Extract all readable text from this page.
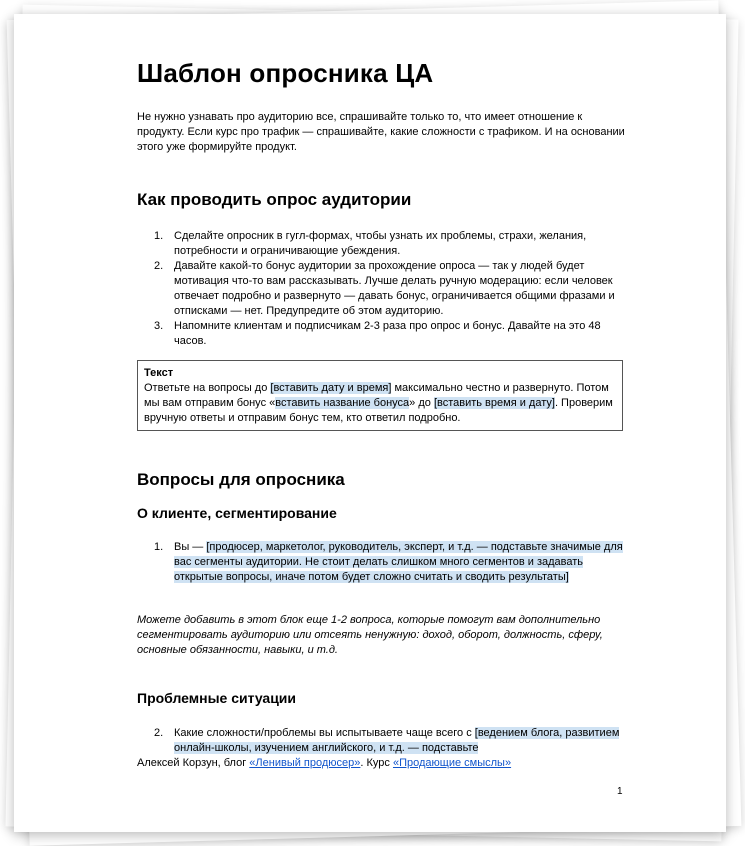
Шаблон опросника ЦА

Не нужно узнавать про аудиторию все, спрашивайте только то, что имеет отношение к продукту. Если курс про трафик — спрашивайте, какие сложности с трафиком. И на основании этого уже формируйте продукт.

Как проводить опрос аудитории
1. Сделайте опросник в гугл-формах, чтобы узнать их проблемы, страхи, желания, потребности и ограничивающие убеждения.
2. Давайте какой-то бонус аудитории за прохождение опроса — так у людей будет мотивация что-то вам рассказывать. Лучше делать ручную модерацию: если человек отвечает подробно и развернуто — давать бонус, ограничивается общими фразами и отписками — нет. Предупредите об этом аудиторию.
3. Напомните клиентам и подписчикам 2-3 раза про опрос и бонус. Давайте на это 48 часов.
Текст
Ответьте на вопросы до [вставить дату и время] максимально честно и развернуто. Потом мы вам отправим бонус «вставить название бонуса» до [вставить время и дату]. Проверим вручную ответы и отправим бонус тем, кто ответил подробно.
Вопросы для опросника
О клиенте, сегментирование
1. Вы — [продюсер, маркетолог, руководитель, эксперт, и т.д. — подставьте значимые для вас сегменты аудитории. Не стоит делать слишком много сегментов и задавать открытые вопросы, иначе потом будет сложно считать и сводить результаты]

Можете добавить в этот блок еще 1-2 вопроса, которые помогут вам дополнительно сегментировать аудиторию или отсеять ненужную: доход, оборот, должность, сферу, основные обязанности, навыки, и т.д.

Проблемные ситуации
2. Какие сложности/проблемы вы испытываете чаще всего с [ведением блога, развитием онлайн-школы, изучением английского, и т.д. — подставьте
Алексей Корзун, блог «Ленивый продюсер». Курс «Продающие смыслы»
1
